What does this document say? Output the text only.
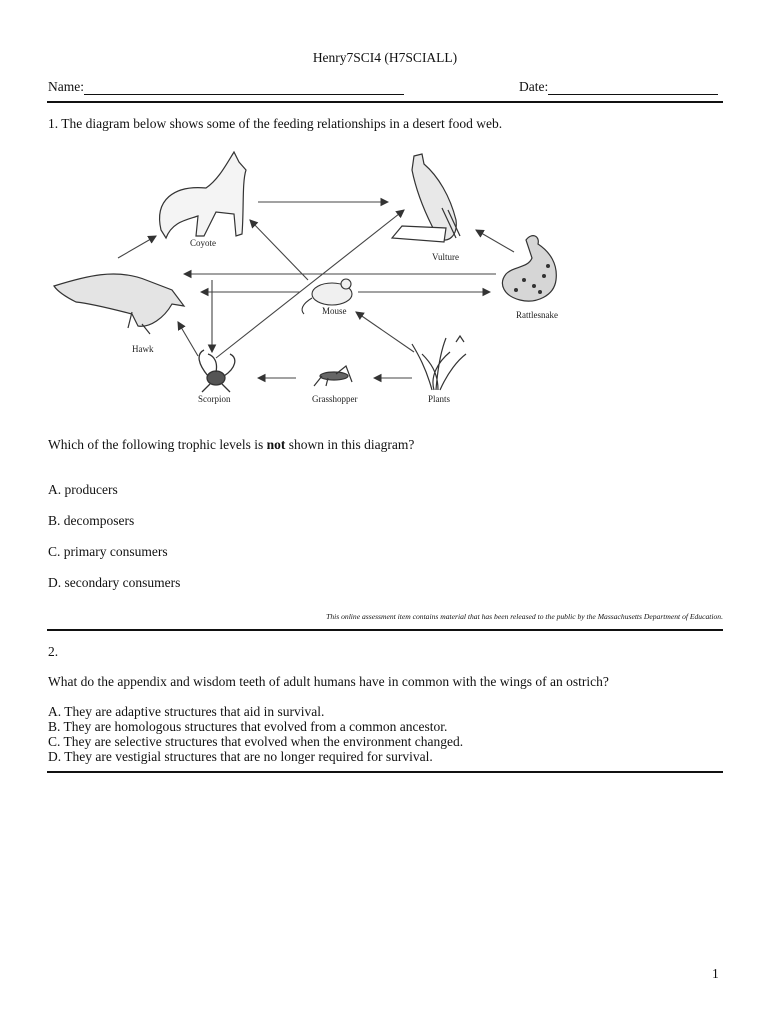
Henry7SCI4 (H7SCIALL)
Name:	Date:
1. The diagram below shows some of the feeding relationships in a desert food web.
Coyote
Vulture
Hawk
Mouse	Rattlesnake
Scorpion	Grasshopper	Plants
Which of the following trophic levels is not shown in this diagram?
A. producers
B. decomposers
C. primary consumers
D. secondary consumers
This online assessment item contains material that has been released to the public by the Massachusetts Department of Education.
2.
What do the appendix and wisdom teeth of adult humans have in common with the wings of an ostrich?
A. They are adaptive structures that aid in survival.
B. They are homologous structures that evolved from a common ancestor.
C. They are selective structures that evolved when the environment changed.
D. They are vestigial structures that are no longer required for survival.
1
